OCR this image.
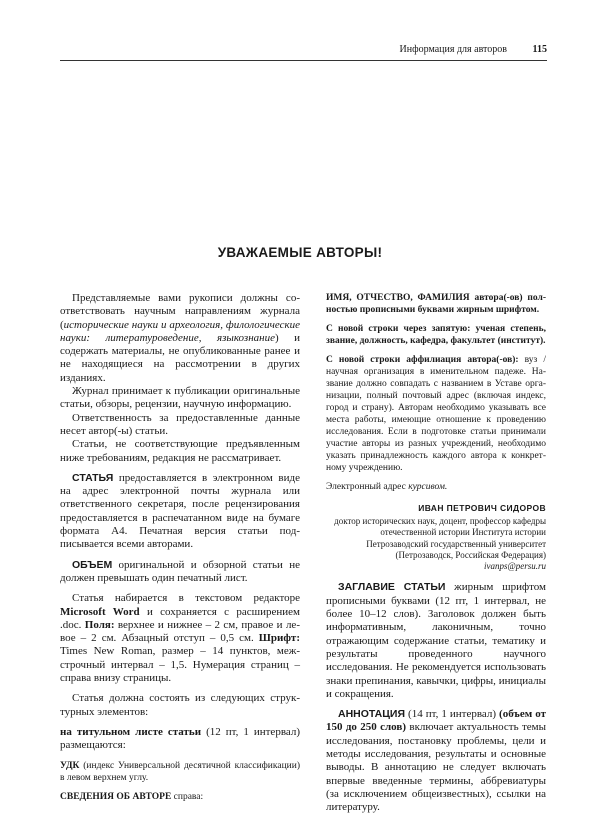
Информация для авторов	115
УВАЖАЕМЫЕ АВТОРЫ!

Представляемые вами рукописи должны соответствовать научным направлениям журнала (исторические науки и археология, филологические науки: литературоведение, языкознание) и содержать материалы, не опубликованные ранее и не находящиеся на рассмотрении в других изданиях.

Журнал принимает к публикации оригинальные статьи, обзоры, рецензии, научную информацию.

Ответственность за предоставленные данные несет автор(-ы) статьи.

Статьи, не соответствующие предъявленным ниже требованиям, редакция не рассматривает.

СТАТЬЯ предоставляется в электронном виде на адрес электронной почты журнала или ответственного секретаря, после рецензирования предоставляется в распечатанном виде на бумаге формата А4. Печатная версия статьи подписывается всеми авторами.

ОБЪЕМ оригинальной и обзорной статьи не должен превышать один печатный лист.

Статья набирается в текстовом редакторе Microsoft Word и сохраняется с расширением .doc. Поля: верхнее и нижнее – 2 см, правое и левое – 2 см. Абзацный отступ – 0,5 см. Шрифт: Times New Roman, размер – 14 пунктов, межстрочный интервал – 1,5. Нумерация страниц – справа внизу страницы.

Статья должна состоять из следующих структурных элементов:

на титульном листе статьи (12 пт, 1 интервал) размещаются:

УДК (индекс Универсальной десятичной классификации) в левом верхнем углу.

СВЕДЕНИЯ ОБ АВТОРЕ справа:

ИМЯ, ОТЧЕСТВО, ФАМИЛИЯ автора(-ов) полностью прописными буквами жирным шрифтом.

С новой строки через запятую: ученая степень, звание, должность, кафедра, факультет (институт).

С новой строки аффилиация автора(-ов): вуз / научная организация в именительном падеже. Название должно совпадать с названием в Уставе организации, полный почтовый адрес (включая индекс, город и страну). Авторам необходимо указывать все места работы, имеющие отношение к проведению исследования. Если в подготовке статьи принимали участие авторы из разных учреждений, необходимо указать принадлежность каждого автора к конкретному учреждению.

Электронный адрес курсивом.

ИВАН ПЕТРОВИЧ СИДОРОВ
доктор исторических наук, доцент, профессор кафедры
отечественной истории Института истории
Петрозаводский государственный университет
(Петрозаводск, Российская Федерация)
ivanps@persu.ru

ЗАГЛАВИЕ СТАТЬИ жирным шрифтом прописными буквами (12 пт, 1 интервал, не более 10–12 слов). Заголовок должен быть информативным, лаконичным, точно отражающим содержание статьи, тематику и результаты проведенного научного исследования. Не рекомендуется использовать знаки препинания, кавычки, цифры, инициалы и сокращения.

АННОТАЦИЯ (14 пт, 1 интервал) (объем от 150 до 250 слов) включает актуальность темы исследования, постановку проблемы, цели и методы исследования, результаты и основные выводы. В аннотацию не следует включать впервые введенные термины, аббревиатуры (за исключением общеизвестных), ссылки на литературу.
